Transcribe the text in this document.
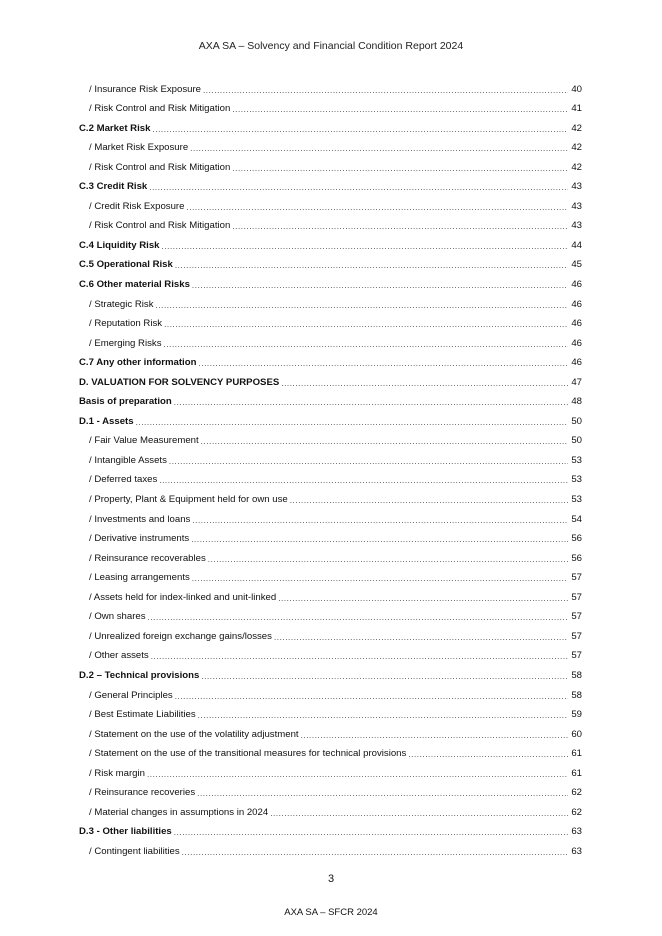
AXA SA – Solvency and Financial Condition Report 2024
/ Insurance Risk Exposure .....	40
/ Risk Control and Risk Mitigation .....	41
C.2 Market Risk .....	42
/ Market Risk Exposure .....	42
/ Risk Control and Risk Mitigation .....	42
C.3 Credit Risk .....	43
/ Credit Risk Exposure .....	43
/ Risk Control and Risk Mitigation .....	43
C.4 Liquidity Risk .....	44
C.5 Operational Risk .....	45
C.6 Other material Risks .....	46
/ Strategic Risk .....	46
/ Reputation Risk .....	46
/ Emerging Risks .....	46
C.7 Any other information .....	46
D. VALUATION FOR SOLVENCY PURPOSES .....	47
Basis of preparation .....	48
D.1 - Assets .....	50
/ Fair Value Measurement .....	50
/ Intangible Assets .....	53
/ Deferred taxes .....	53
/ Property, Plant & Equipment held for own use .....	53
/ Investments and loans .....	54
/ Derivative instruments .....	56
/ Reinsurance recoverables .....	56
/ Leasing arrangements .....	57
/ Assets held for index-linked and unit-linked .....	57
/ Own shares .....	57
/ Unrealized foreign exchange gains/losses .....	57
/ Other assets .....	57
D.2 – Technical provisions .....	58
/ General Principles .....	58
/ Best Estimate Liabilities .....	59
/ Statement on the use of the volatility adjustment .....	60
/ Statement on the use of the transitional measures for technical provisions .....	61
/ Risk margin .....	61
/ Reinsurance recoveries .....	62
/ Material changes in assumptions in 2024 .....	62
D.3 - Other liabilities .....	63
/ Contingent liabilities .....	63
3
AXA SA – SFCR 2024
